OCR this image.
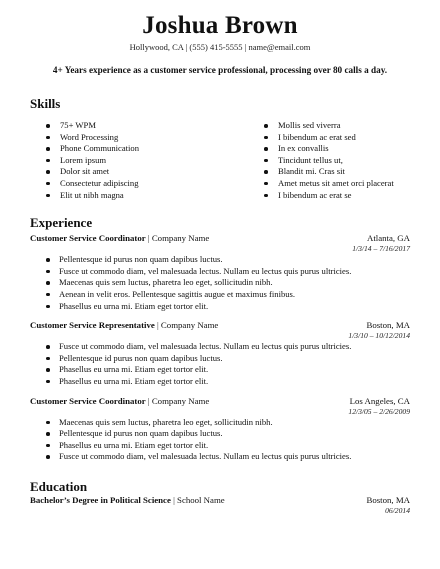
Joshua Brown
Hollywood, CA | (555) 415-5555 | name@email.com
4+ Years experience as a customer service professional, processing over 80 calls a day.
Skills
75+ WPM
Word Processing
Phone Communication
Lorem ipsum
Dolor sit amet
Consectetur adipiscing
Elit ut nibh magna
Mollis sed viverra
I bibendum ac erat sed
In ex convallis
Tincidunt tellus ut,
Blandit mi. Cras sit
Amet metus sit amet orci placerat
I bibendum ac erat se
Experience
Customer Service Coordinator | Company Name	Atlanta, GA
1/3/14 – 7/16/2017
Pellentesque id purus non quam dapibus luctus.
Fusce ut commodo diam, vel malesuada lectus. Nullam eu lectus quis purus ultricies.
Maecenas quis sem luctus, pharetra leo eget, sollicitudin nibh.
Aenean in velit eros. Pellentesque sagittis augue et maximus finibus.
Phasellus eu urna mi. Etiam eget tortor elit.
Customer Service Representative | Company Name	Boston, MA
1/3/10 – 10/12/2014
Fusce ut commodo diam, vel malesuada lectus. Nullam eu lectus quis purus ultricies.
Pellentesque id purus non quam dapibus luctus.
Phasellus eu urna mi. Etiam eget tortor elit.
Phasellus eu urna mi. Etiam eget tortor elit.
Customer Service Coordinator | Company Name	Los Angeles, CA
12/3/05 – 2/26/2009
Maecenas quis sem luctus, pharetra leo eget, sollicitudin nibh.
Pellentesque id purus non quam dapibus luctus.
Phasellus eu urna mi. Etiam eget tortor elit.
Fusce ut commodo diam, vel malesuada lectus. Nullam eu lectus quis purus ultricies.
Education
Bachelor’s Degree in Political Science | School Name	Boston, MA
06/2014
